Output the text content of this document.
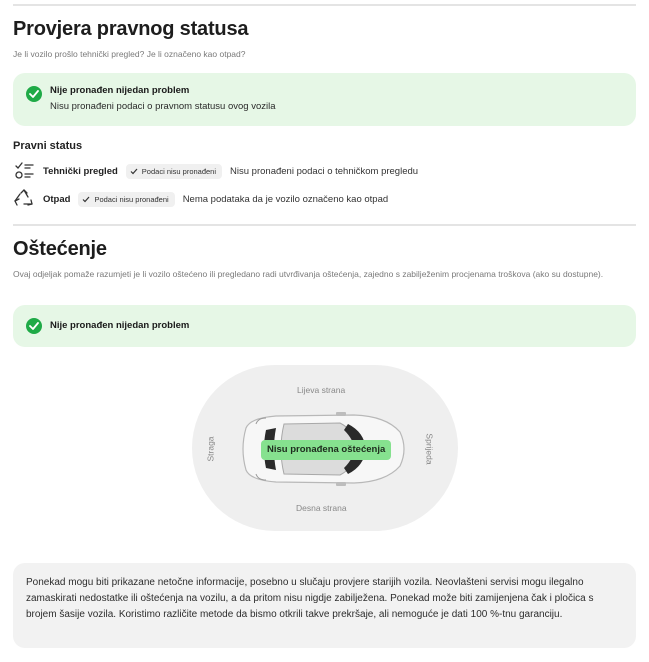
Provjera pravnog statusa
Je li vozilo prošlo tehnički pregled? Je li označeno kao otpad?
Nije pronađen nijedan problem
Nisu pronađeni podaci o pravnom statusu ovog vozila
Pravni status
Tehnički pregled	Podaci nisu pronađeni Nisu pronađeni podaci o tehničkom pregledu
Otpad	Podaci nisu pronađeni Nema podataka da je vozilo označeno kao otpad
Oštećenje
Ovaj odjeljak pomaže razumjeti je li vozilo oštećeno ili pregledano radi utvrđivanja oštećenja, zajedno s zabilježenim procjenama troškova (ako su dostupne).
Nije pronađen nijedan problem
Lijeva strana
Desna strana
Straga	Sprijeda
Nisu pronađena oštećenja

Ponekad mogu biti prikazane netočne informacije, posebno u slučaju provjere starijih vozila. Neovlašteni servisi mogu ilegalno zamaskirati nedostatke ili oštećenja na vozilu, a da pritom nisu nigdje zabilježena. Ponekad može biti zamijenjena čak i pločica s brojem šasije vozila. Koristimo različite metode da bismo otkrili takve prekršaje, ali nemoguće je dati 100 %-tnu garanciju.
